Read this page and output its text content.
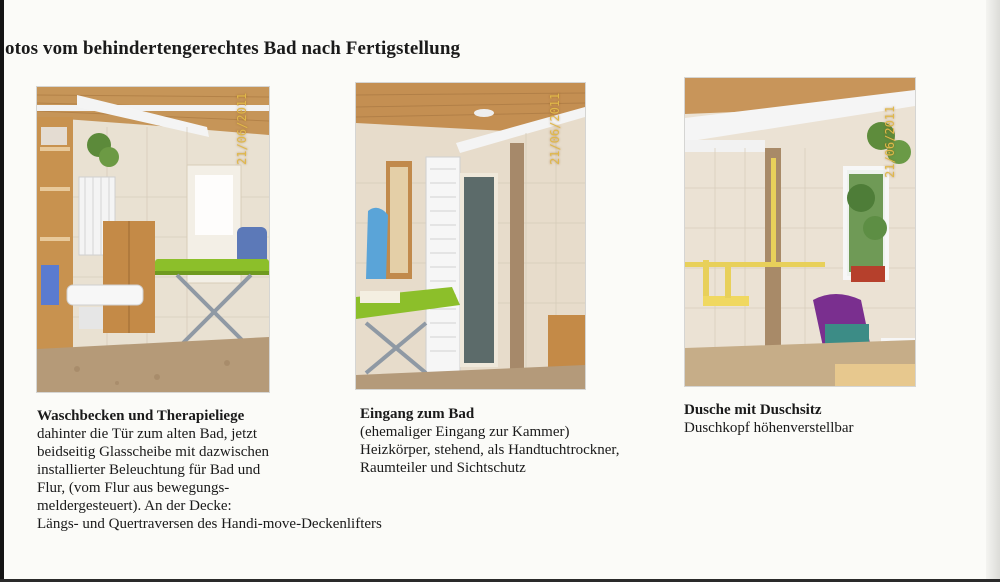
otos vom behindertengerechtes Bad nach Fertigstellung
21/06/2011	21/06/2011	21/06/2011
Waschbecken und Therapieliege
dahinter die Tür zum alten Bad, jetzt
beidseitig Glasscheibe mit dazwischen
installierter Beleuchtung für Bad und
Flur, (vom Flur aus bewegungs-
meldergesteuert). An der Decke:
Längs- und Quertraversen des Handi-move-Deckenlifters
Eingang zum Bad
(ehemaliger Eingang zur Kammer)
Heizkörper, stehend, als Handtuchtrockner,
Raumteiler und Sichtschutz
Dusche mit Duschsitz
Duschkopf höhenverstellbar
